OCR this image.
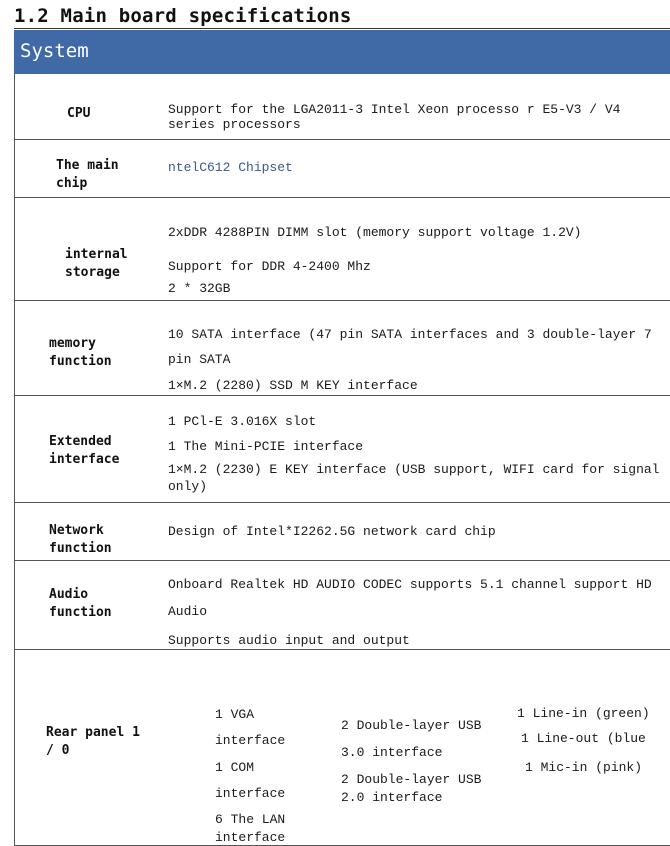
1.2 Main board specifications
System
CPU	Support for the LGA2011-3 Intel Xeon processo r E5-V3 / V4 series processors
The main
chip
ntelC612 Chipset
internal
storage
2xDDR 4288PIN DIMM slot (memory support voltage 1.2V)
Support for DDR 4-2400 Mhz
2 * 32GB
memory
function
10 SATA interface (47 pin SATA interfaces and 3 double-layer 7
pin SATA
1×M.2 (2280) SSD M KEY interface
Extended
interface
1 PCl-E 3.016X slot
1 The Mini-PCIE interface
1×M.2 (2230) E KEY interface (USB support, WIFI card for signal
only)
Network
function
Design of Intel*I2262.5G network card chip
Audio
function
Onboard Realtek HD AUDIO CODEC supports 5.1 channel support HD
Audio
Supports audio input and output
Rear panel 1
/ 0
1 VGA
interface
1 COM
interface
6 The LAN
interface
2 Double-layer USB
3.0 interface
2 Double-layer USB
2.0 interface
1 Line-in (green)
1 Line-out (blue
1 Mic-in (pink)
